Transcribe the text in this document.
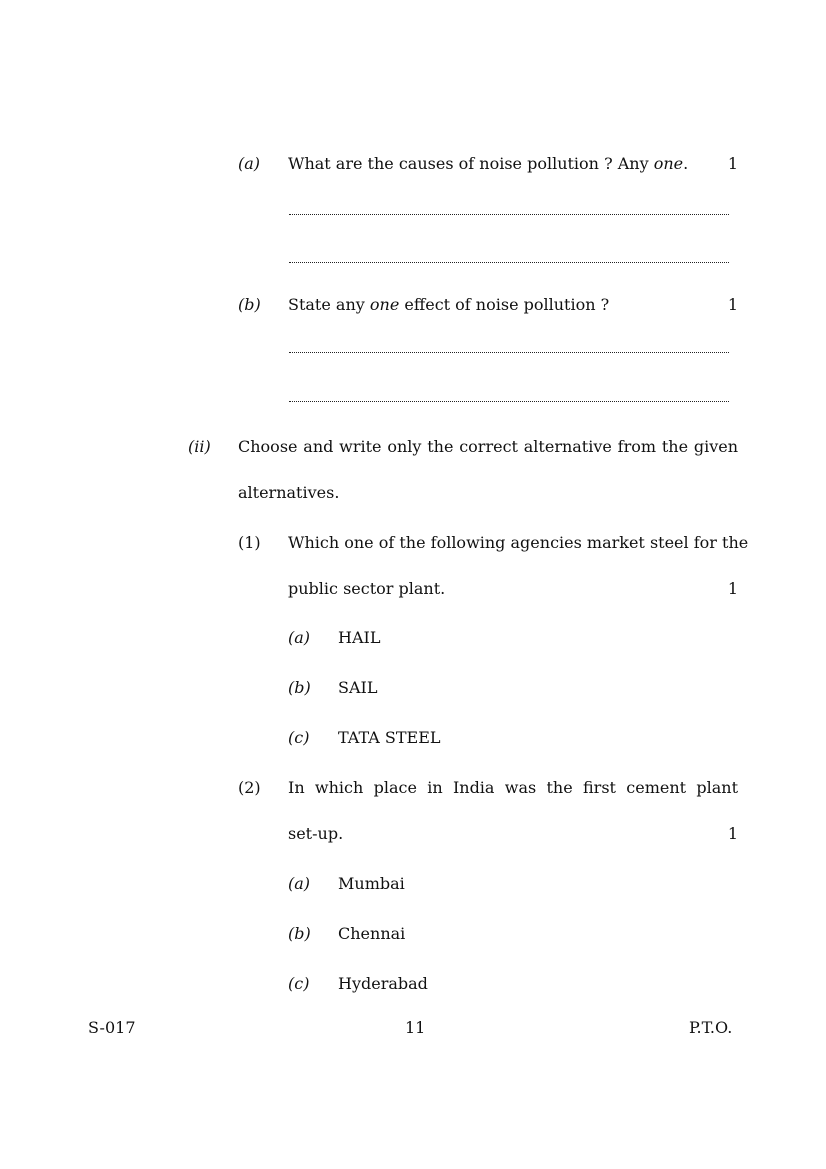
(a) What are the causes of noise pollution ? Any one.	1
(b) State any one effect of noise pollution ?	1
(ii) Choose and write only the correct alternative from the given
alternatives.
(1) Which one of the following agencies market steel for the
public sector plant.	1
(a) HAIL
(b) SAIL
(c) TATA STEEL
(2) In which place in India was the first cement plant
set-up.	1
(a) Mumbai
(b) Chennai
(c) Hyderabad
S-017	11	P.T.O.
